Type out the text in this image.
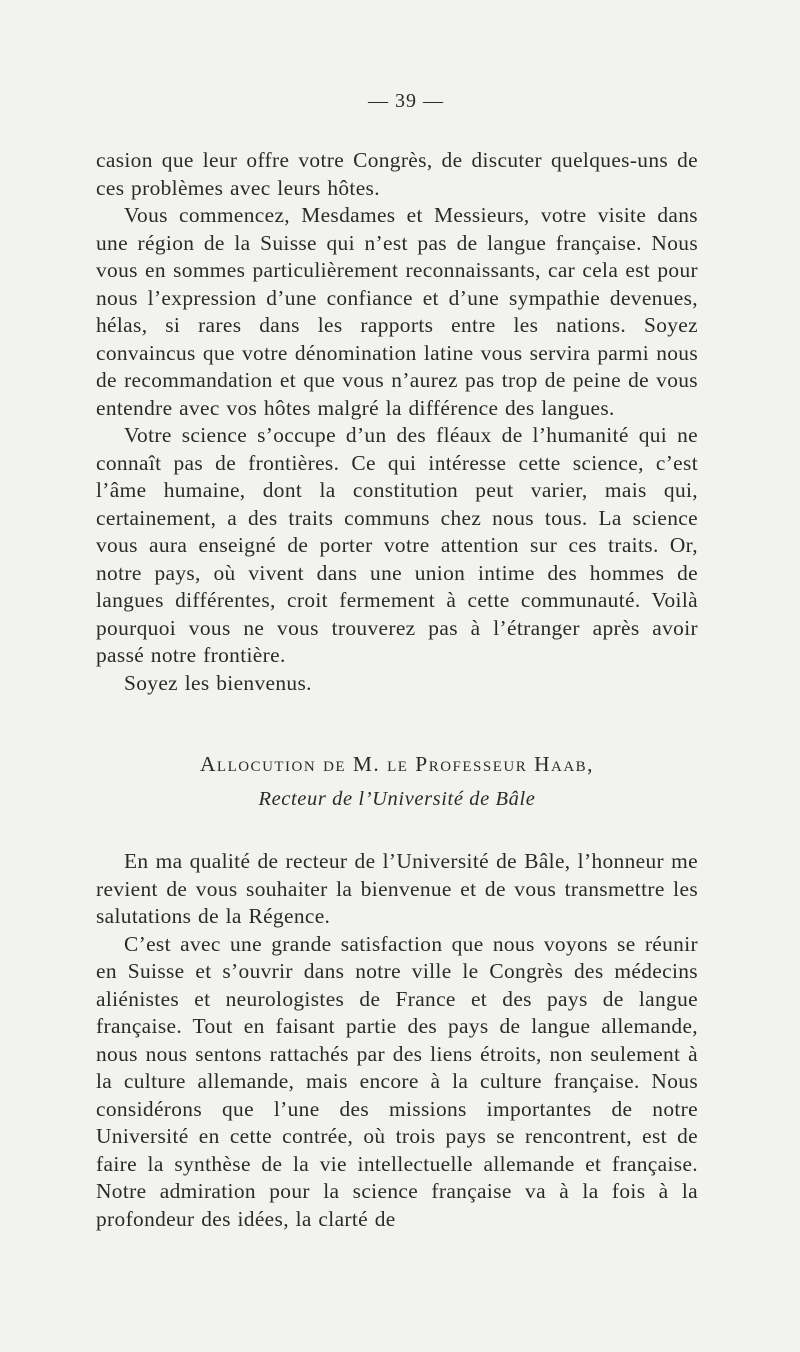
— 39 —

casion que leur offre votre Congrès, de discuter quelques-uns de ces problèmes avec leurs hôtes.

Vous commencez, Mesdames et Messieurs, votre visite dans une région de la Suisse qui n’est pas de langue française. Nous vous en sommes particulièrement reconnaissants, car cela est pour nous l’expression d’une confiance et d’une sympathie devenues, hélas, si rares dans les rapports entre les nations. Soyez convaincus que votre dénomination latine vous servira parmi nous de recommandation et que vous n’aurez pas trop de peine de vous entendre avec vos hôtes malgré la différence des langues.

Votre science s’occupe d’un des fléaux de l’humanité qui ne connaît pas de frontières. Ce qui intéresse cette science, c’est l’âme humaine, dont la constitution peut varier, mais qui, certainement, a des traits communs chez nous tous. La science vous aura enseigné de porter votre attention sur ces traits. Or, notre pays, où vivent dans une union intime des hommes de langues différentes, croit fermement à cette communauté. Voilà pourquoi vous ne vous trouverez pas à l’étranger après avoir passé notre frontière.

Soyez les bienvenus.

Allocution de M. le Professeur Haab,
Recteur de l’Université de Bâle

En ma qualité de recteur de l’Université de Bâle, l’honneur me revient de vous souhaiter la bienvenue et de vous transmettre les salutations de la Régence.

C’est avec une grande satisfaction que nous voyons se réunir en Suisse et s’ouvrir dans notre ville le Congrès des médecins aliénistes et neurologistes de France et des pays de langue française. Tout en faisant partie des pays de langue allemande, nous nous sentons rattachés par des liens étroits, non seulement à la culture allemande, mais encore à la culture française. Nous considérons que l’une des missions importantes de notre Université en cette contrée, où trois pays se rencontrent, est de faire la synthèse de la vie intellectuelle allemande et française. Notre admiration pour la science française va à la fois à la profondeur des idées, la clarté de
